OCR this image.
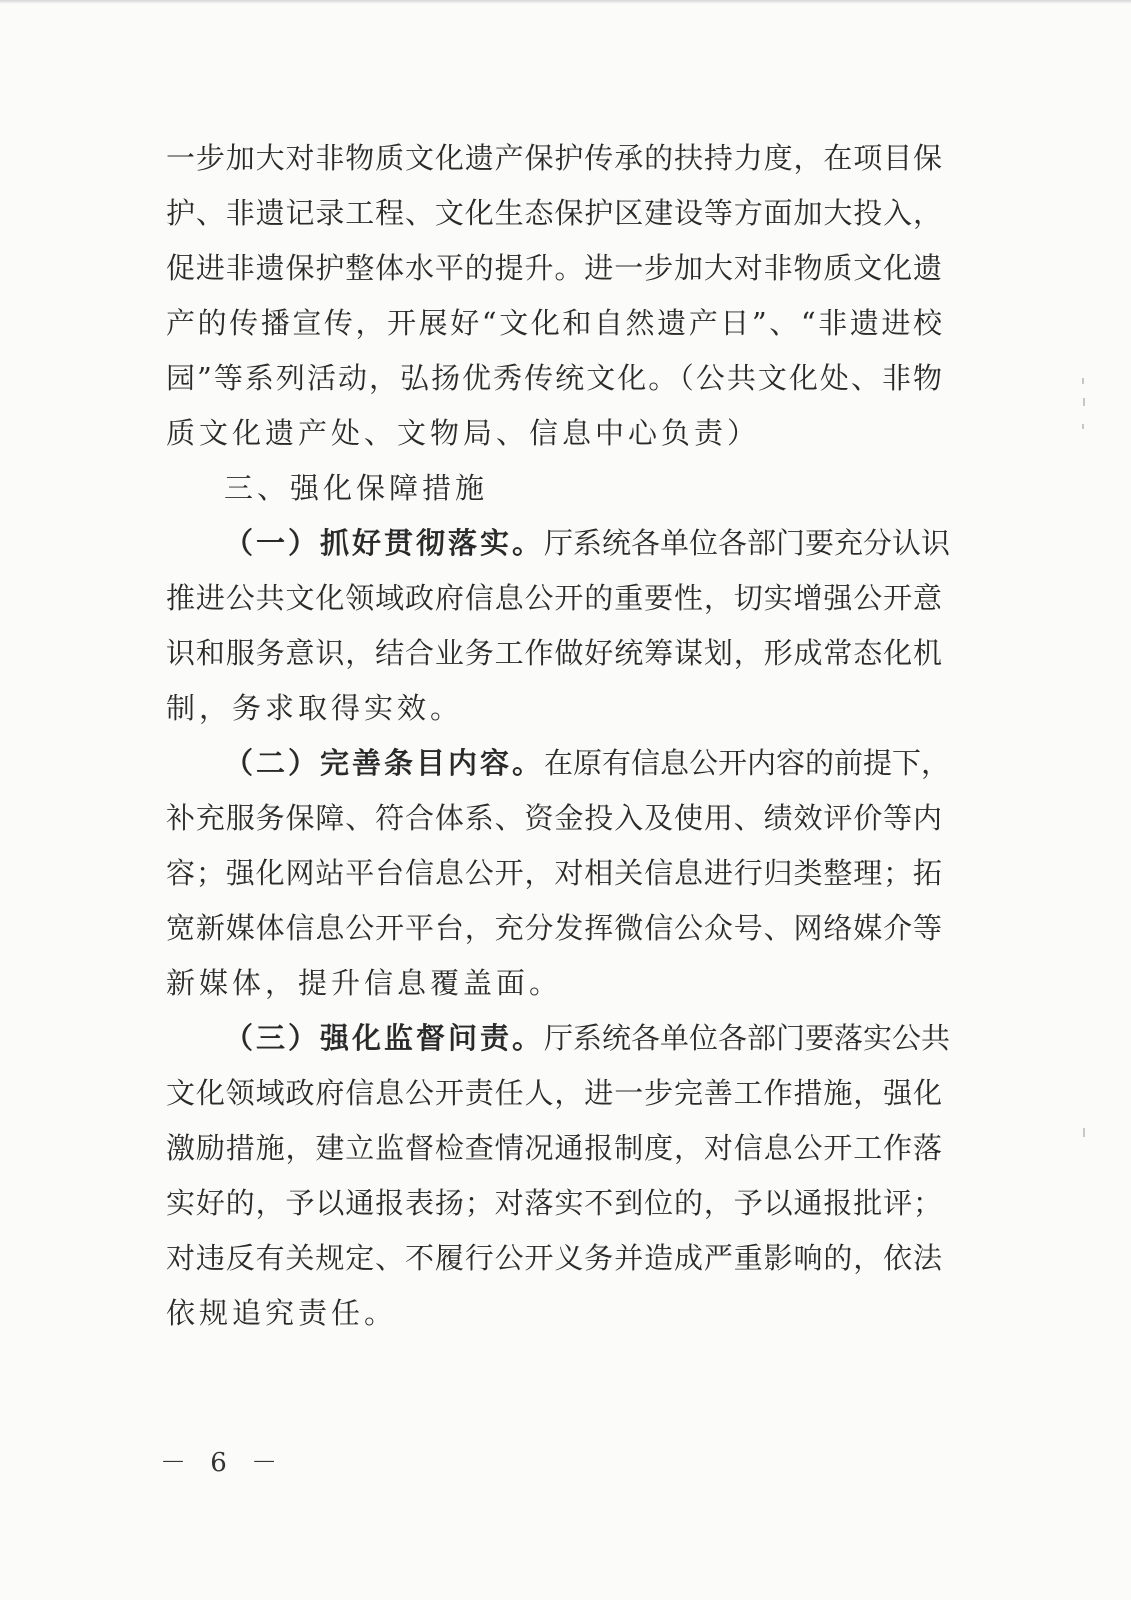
一步加大对非物质文化遗产保护传承的扶持力度，在项目保
护、非遗记录工程、文化生态保护区建设等方面加大投入，
促进非遗保护整体水平的提升。进一步加大对非物质文化遗
产的传播宣传，开展好“文化和自然遗产日”、“非遗进校
园”等系列活动，弘扬优秀传统文化。（公共文化处、非物
质文化遗产处、文物局、信息中心负责）
三、强化保障措施
（一）抓好贯彻落实。厅系统各单位各部门要充分认识
推进公共文化领域政府信息公开的重要性，切实增强公开意
识和服务意识，结合业务工作做好统筹谋划，形成常态化机
制，务求取得实效。
（二）完善条目内容。在原有信息公开内容的前提下，
补充服务保障、符合体系、资金投入及使用、绩效评价等内
容；强化网站平台信息公开，对相关信息进行归类整理；拓
宽新媒体信息公开平台，充分发挥微信公众号、网络媒介等
新媒体，提升信息覆盖面。
（三）强化监督问责。厅系统各单位各部门要落实公共
文化领域政府信息公开责任人，进一步完善工作措施，强化
激励措施，建立监督检查情况通报制度，对信息公开工作落
实好的，予以通报表扬；对落实不到位的，予以通报批评；
对违反有关规定、不履行公开义务并造成严重影响的，依法
依规追究责任。
－ 6 －
